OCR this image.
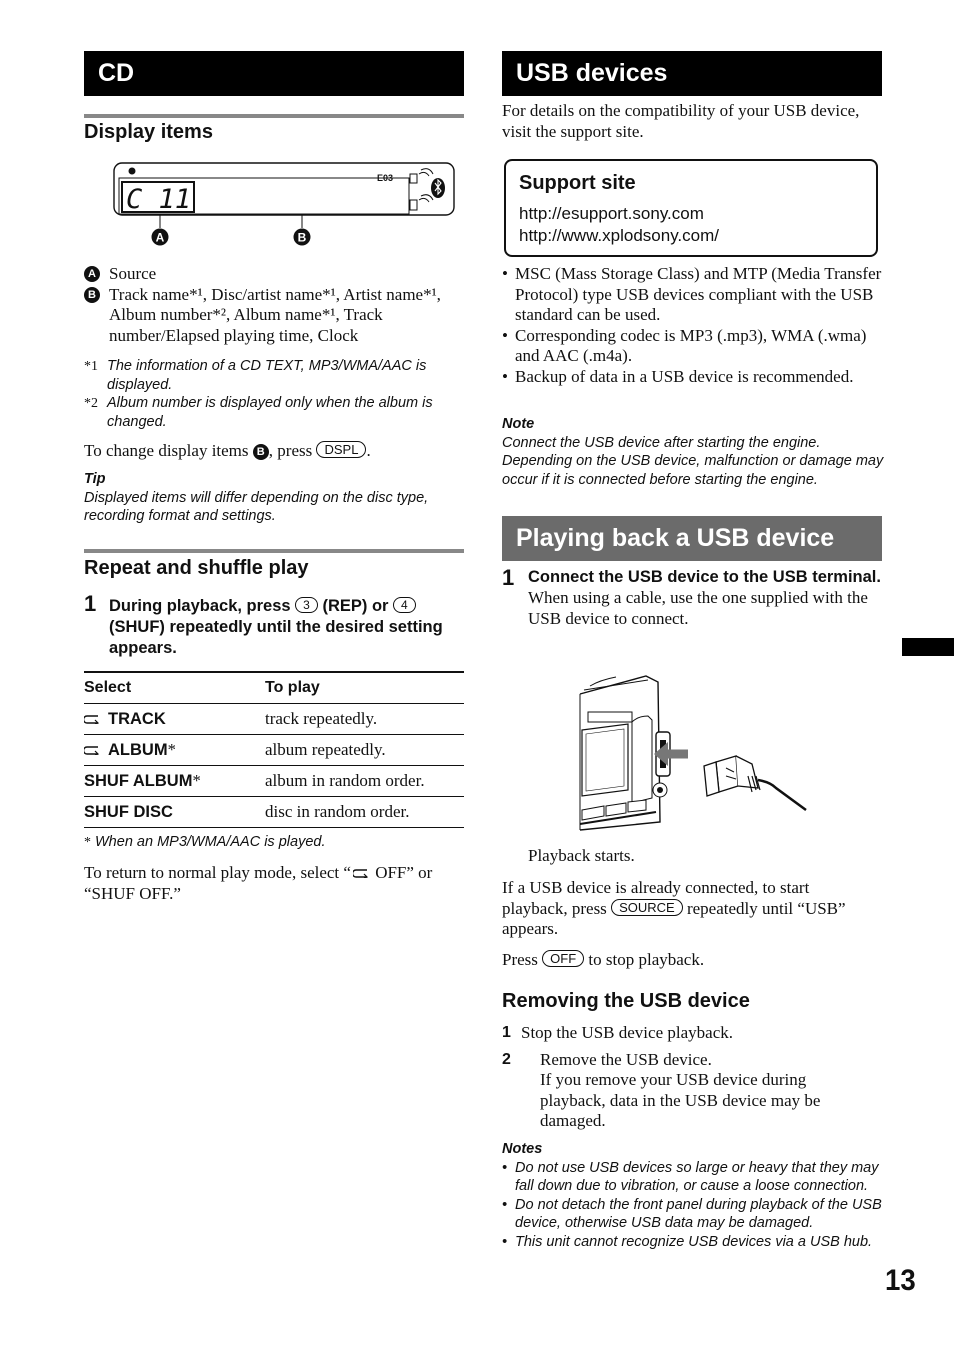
CD
Display items
C 11
E03
A	B
A Source
B Track name*¹, Disc/artist name*¹, Artist name*¹, Album number*², Album name*¹, Track number/Elapsed playing time, Clock
*1 The information of a CD TEXT, MP3/WMA/AAC is displayed.
*2 Album number is displayed only when the album is changed.
To change display items B , press DSPL .
Tip
Displayed items will differ depending on the disc type, recording format and settings.
Repeat and shuffle play
1 During playback, press 3 (REP) or 4 (SHUF) repeatedly until the desired setting appears.
Select	To play
TRACK	track repeatedly.
ALBUM*	album repeatedly.
SHUF ALBUM*	album in random order.
SHUF DISC	disc in random order.
* When an MP3/WMA/AAC is played.
To return to normal play mode, select “ OFF” or “SHUF OFF.”
USB devices
For details on the compatibility of your USB device, visit the support site.
Support site
http://esupport.sony.com
http://www.xplodsony.com/
• MSC (Mass Storage Class) and MTP (Media Transfer Protocol) type USB devices compliant with the USB standard can be used.
• Corresponding codec is MP3 (.mp3), WMA (.wma) and AAC (.m4a).
• Backup of data in a USB device is recommended.
Note
Connect the USB device after starting the engine. Depending on the USB device, malfunction or damage may occur if it is connected before starting the engine.
Playing back a USB device
1 Connect the USB device to the USB terminal.
When using a cable, use the one supplied with the USB device to connect.
Playback starts.
If a USB device is already connected, to start playback, press SOURCE repeatedly until “USB” appears.
Press OFF to stop playback.
Removing the USB device
1 Stop the USB device playback.
2	Remove the USB device.
If you remove your USB device during playback, data in the USB device may be damaged.
Notes
• Do not use USB devices so large or heavy that they may fall down due to vibration, or cause a loose connection.
• Do not detach the front panel during playback of the USB device, otherwise USB data may be damaged.
• This unit cannot recognize USB devices via a USB hub.
13
